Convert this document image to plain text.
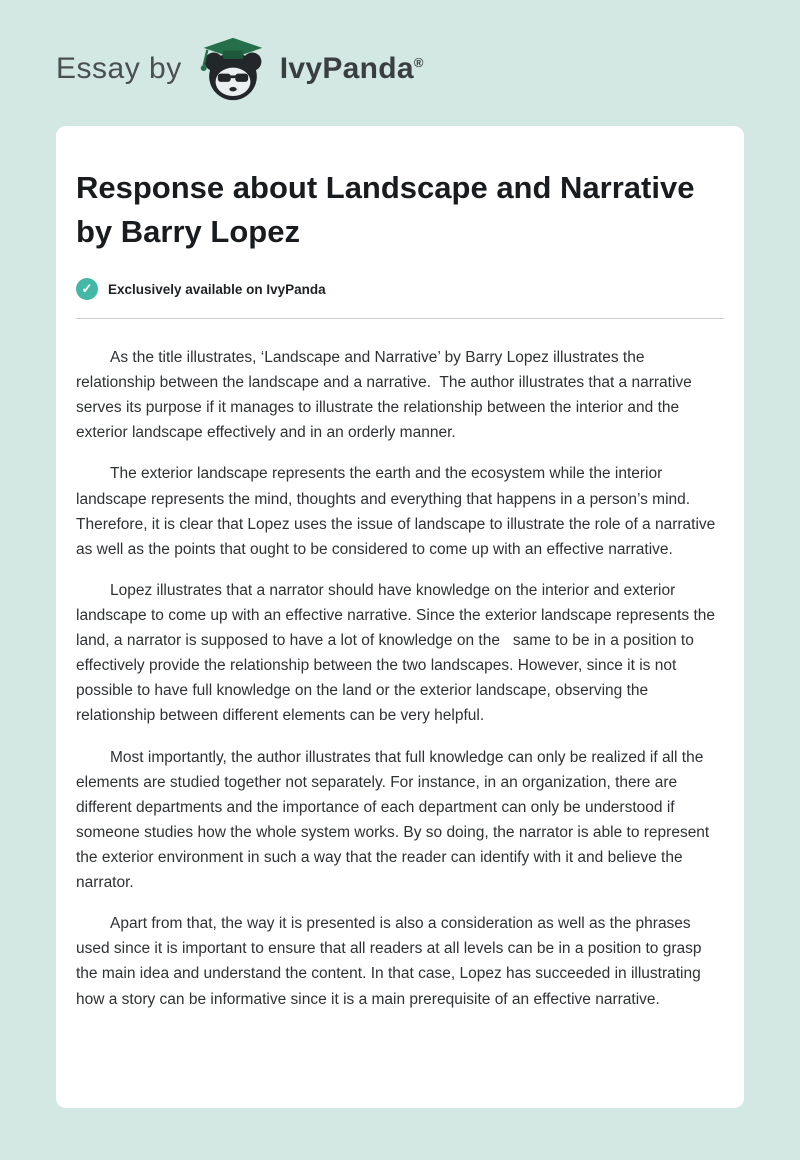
Essay by	IvyPanda®
Response about Landscape and Narrative by Barry Lopez
✓	Exclusively available on IvyPanda

As the title illustrates, ‘Landscape and Narrative’ by Barry Lopez illustrates the relationship between the landscape and a narrative.  The author illustrates that a narrative serves its purpose if it manages to illustrate the relationship between the interior and the exterior landscape effectively and in an orderly manner.

The exterior landscape represents the earth and the ecosystem while the interior landscape represents the mind, thoughts and everything that happens in a person’s mind.  Therefore, it is clear that Lopez uses the issue of landscape to illustrate the role of a narrative as well as the points that ought to be considered to come up with an effective narrative.

Lopez illustrates that a narrator should have knowledge on the interior and exterior landscape to come up with an effective narrative. Since the exterior landscape represents the land, a narrator is supposed to have a lot of knowledge on the   same to be in a position to effectively provide the relationship between the two landscapes. However, since it is not possible to have full knowledge on the land or the exterior landscape, observing the relationship between different elements can be very helpful.

Most importantly, the author illustrates that full knowledge can only be realized if all the elements are studied together not separately. For instance, in an organization, there are different departments and the importance of each department can only be understood if someone studies how the whole system works. By so doing, the narrator is able to represent the exterior environment in such a way that the reader can identify with it and believe the narrator.

Apart from that, the way it is presented is also a consideration as well as the phrases used since it is important to ensure that all readers at all levels can be in a position to grasp the main idea and understand the content. In that case, Lopez has succeeded in illustrating how a story can be informative since it is a main prerequisite of an effective narrative.
